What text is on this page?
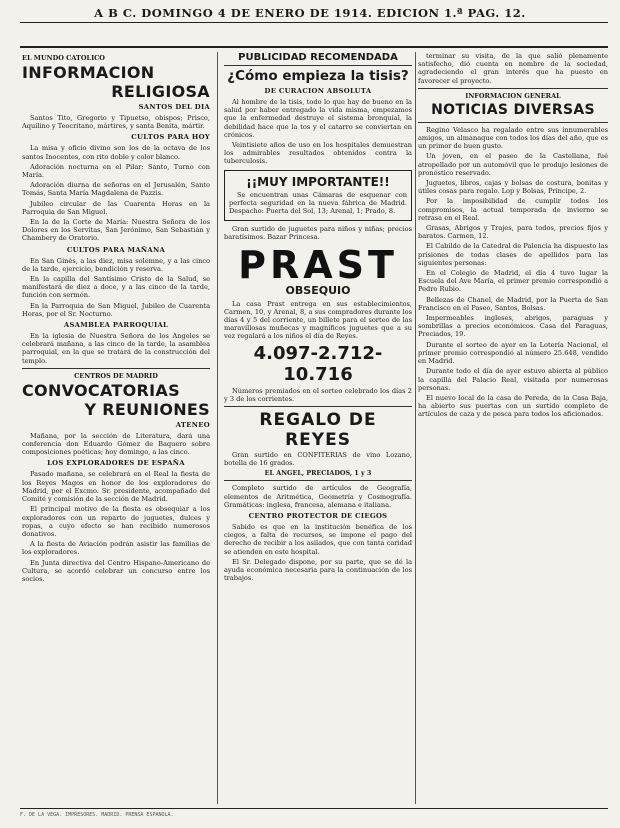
A B C. DOMINGO 4 DE ENERO DE 1914. EDICION 1.ª PAG. 12.
EL MUNDO CATOLICO
INFORMACION
RELIGIOSA
SANTOS DEL DIA

Santos Tito, Gregorio y Tipuetso, obispos; Prisco, Aquilino y Teocritano, mártires, y santa Benita, mártir.

CULTOS PARA HOY

La misa y oficio divino son los de la octava de los santos Inocentes, con rito doble y color blanco.

Adoración nocturna en el Pilar: Santo, Turno con María.

Adoración diurna de señoras en el Jerusalén, Santo Tomás, Santa María Magdalena de Pazzis.

Jubileo circular de las Cuarenta Horas en la Parroquia de San Miguel.

En la de la Corte de María: Nuestra Señora de los Dolores en los Servitas, San Jerónimo, San Sebastián y Chambery de Oratorio.

CULTOS PARA MAÑANA

En San Ginés, a las diez, misa solemne, y a las cinco de la tarde, ejercicio, bendición y reserva.

En la capilla del Santísimo Cristo de la Salud, se manifestará de diez a doce, y a las cinco de la tarde, función con sermón.

En la Parroquia de San Miguel, Jubileo de Cuarenta Horas, por el Sr. Nocturno.

ASAMBLEA PARROQUIAL

En la iglesia de Nuestra Señora de los Angeles se celebrará mañana, a las cinco de la tarde, la asamblea parroquial, en la que se tratará de la construcción del templo.

CENTROS DE MADRID
CONVOCATORIAS
Y REUNIONES
ATENEO

Mañana, por la sección de Literatura, dará una conferencia don Eduardo Gómez de Baquero sobre composiciones poéticas; hoy domingo, a las cinco.

LOS EXPLORADORES DE ESPAÑA

Pasado mañana, se celebrará en el Real la fiesta de los Reyes Magos en honor de los exploradores de Madrid, por el Excmo. Sr. presidente, acompañado del Comité y comisión de la sección de Madrid.

El principal motivo de la fiesta es obsequiar a los exploradores con un reparto de juguetes, dulces y ropas, a cuyo efecto se han recibido numerosos donativos.

A la fiesta de Aviación podrán asistir las familias de los exploradores.

En Junta directiva del Centro Hispano-Americano de Cultura, se acordó celebrar un concurso entre los socios.

PUBLICIDAD RECOMENDADA
¿Cómo empieza la tisis?
DE CURACION ABSOLUTA

Al hombre de la tisis, todo lo que hay de bueno en la salud por haber entregado la vida misma, empezamos que la enfermedad destruye el sistema bronquial, la debilidad hace que la tos y el catarro se conviertan en crónicos.

Veintisiete años de uso en los hospitales demuestran los admirables resultados obtenidos contra la tuberculosis.

¡¡MUY IMPORTANTE!!

Se encuentran unas Cámaras de esquenar con perfecta seguridad en la nueva fábrica de Madrid. Despacho: Puerta del Sol, 13; Arenal, 1; Prado, 8.

Gran surtido de juguetes para niños y niñas; precios baratísimos. Bazar Princesa.

PRAST
OBSEQUIO

La casa Prast entrega en sus establecimientos, Carmen, 10, y Arenal, 8, a sus compradores durante los días 4 y 5 del corriente, un billete para el sorteo de las maravillosas muñecas y magníficos juguetes que a su vez regalará a los niños el día de Reyes.

4.097-2.712-10.716

Números premiados en el sorteo celebrado los días 2 y 3 de los corrientes.

REGALO DE REYES

Gran surtido en CONFITERIAS de vino Lozano, botella de 16 grados.

EL ANGEL, PRECIADOS, 1 y 3

Completo surtido de artículos de Geografía, elementos de Aritmética, Geometría y Cosmografía. Gramáticas: inglesa, francesa, alemana e italiana.

CENTRO PROTECTOR DE CIEGOS

Sabido es que en la institución benéfica de los ciegos, a falta de recursos, se impone el pago del derecho de recibir a los asilados, que con tanta caridad se atienden en este hospital.

El Sr. Delegado dispone, por su parte, que se dé la ayuda económica necesaria para la continuación de los trabajos.

terminar su visita, de la que salió plenamente satisfecho, dió cuenta en nombre de la sociedad, agradeciendo el gran interés que ha puesto en favorecer el proyecto.

INFORMACION GENERAL
NOTICIAS DIVERSAS

Regino Velasco ha regalado entre sus innumerables amigos, un almanaque con todos los días del año, que es un primor de buen gusto.

Un joven, en el paseo de la Castellana, fué atropellado por un automóvil que le produjo lesiones de pronóstico reservado.

Juguetes, libros, cajas y bolsas de costura, bonitas y útiles cosas para regalo. Lop y Bolsas, Principe, 2.

Por la imposibilidad de cumplir todos los compromisos, la actual temporada de invierno se retrasa en el Real.

Grasas, Abrigos y Trajes, para todos, precios fijos y baratos. Carmen, 12.

El Cabildo de la Catedral de Palencia ha dispuesto las prisiones de todas clases de apellidos para las siguientes personas:

En el Colegio de Madrid, el día 4 tuvo lugar la Escuela del Ave María, el primer premio correspondió a Pedro Rubio.

Bellezas de Chanel, de Madrid, por la Puerta de San Francisco en el Paseo, Santos, Bolsas.

Impermeables ingleses, abrigos, paraguas y sombrillas a precios económicos. Casa del Paraguas, Preciados, 19.

Durante el sorteo de ayer en la Lotería Nacional, el primer premio correspondió al número 25.648, vendido en Madrid.

Durante todo el día de ayer estuvo abierta al público la capilla del Palacio Real, visitada por numerosas personas.

El nuevo local de la casa de Pereda, de la Casa Baja, ha abierto sus puertas con un surtido completo de artículos de caza y de pesca para todos los aficionados.

F. DE LA VEGA. IMPRESORES. MADRID. PRENSA ESPAÑOLA.
